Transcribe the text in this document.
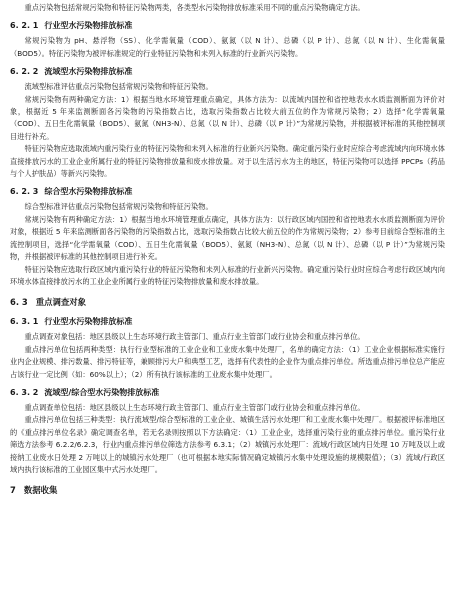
重点污染物包括常规污染物和特征污染物两类，各类型水污染物排放标准采用不同的重点污染物确定方法。

6. 2. 1 行业型水污染物排放标准

常规污染物为 pH、悬浮物（SS）、化学需氧量（COD）、氨氮（以 N 计）、总磷（以 P 计）、总氮（以 N 计）、生化需氧量（BOD5）。特征污染物为被评标准规定的行业特征污染物和未列入标准的行业新兴污染物。

6. 2. 2 流域型水污染物排放标准

流域型标准评估重点污染物包括常规污染物和特征污染物。

常规污染物有两种确定方法：1）根据当地水环境管理重点确定，具体方法为：以流域内国控和省控地表水水质监测断面为评价对象，根据近 5 年来监测断面各污染物的污染指数占比，选取污染指数占比较大前五位的作为常规污染物；2）选择“化学需氧量（COD）、五日生化需氧量（BOD5）、氨氮（NH3-N）、总氮（以 N 计）、总磷（以 P 计）”为常规污染物，并根据被评标准的其他控制项目进行补充。

特征污染物应选取流域内重污染行业的特征污染物和未列入标准的行业新兴污染物。确定重污染行业时应综合考虑流域内向环境水体直接排放污水的工业企业所属行业的特征污染物排放量和废水排放量。对于以生活污水为主的地区，特征污染物可以选择 PPCPs（药品与个人护肤品）等新兴污染物。

6. 2. 3 综合型水污染物排放标准

综合型标准评估重点污染物包括常规污染物和特征污染物。

常规污染物有两种确定方法：1）根据当地水环境管理重点确定，具体方法为：以行政区域内国控和省控地表水水质监测断面为评价对象，根据近 5 年来监测断面各污染物的污染指数占比，选取污染指数占比较大前五位的作为常规污染物；2）参考目前综合型标准的主流控制项目，选择“化学需氧量（COD）、五日生化需氧量（BOD5）、氨氮（NH3-N）、总氮（以 N 计）、总磷（以 P 计）”为常规污染物，并根据被评标准的其他控制项目进行补充。

特征污染物应选取行政区域内重污染行业的特征污染物和未列入标准的行业新兴污染物。确定重污染行业时应综合考虑行政区域内向环境水体直接排放污水的工业企业所属行业的特征污染物排放量和废水排放量。

6. 3 重点调查对象
6. 3. 1 行业型水污染物排放标准

重点调查对象包括：地区县级以上生态环境行政主管部门、重点行业主管部门或行业协会和重点排污单位。

重点排污单位包括两种类型：执行行业型标准的工业企业和工业废水集中处理厂，名单的确定方法：（1）工业企业根据标准实施行业内企业规模、排污数量、排污特征等，兼顾排污大户和典型工艺，选择有代表性的企业作为重点排污单位。所选重点排污单位总产能应占该行业一定比例（如：60%以上）；（2）所有执行该标准的工业废水集中处理厂。

6. 3. 2 流域型/综合型水污染物排放标准

重点调查单位包括：地区县级以上生态环境行政主管部门、重点行业主管部门或行业协会和重点排污单位。

重点排污单位包括三种类型：执行流域型/综合型标准的工业企业、城镇生活污水处理厂和工业废水集中处理厂。根据被评标准地区的《重点排污单位名录》确定调查名单，若无名录则按照以下方法确定：（1）工业企业，选择重污染行业的重点排污单位。重污染行业筛选方法参考 6.2.2/6.2.3，行业内重点排污单位筛选方法参考 6.3.1；（2）城镇污水处理厂：流域/行政区域内日处理 10 万吨及以上或接纳工业废水日处理 2 万吨以上的城镇污水处理厂（也可根据本地实际情况确定城镇污水集中处理设施的规模限值）；（3）流域/行政区域内执行该标准的工业园区集中式污水处理厂。

7 数据收集
